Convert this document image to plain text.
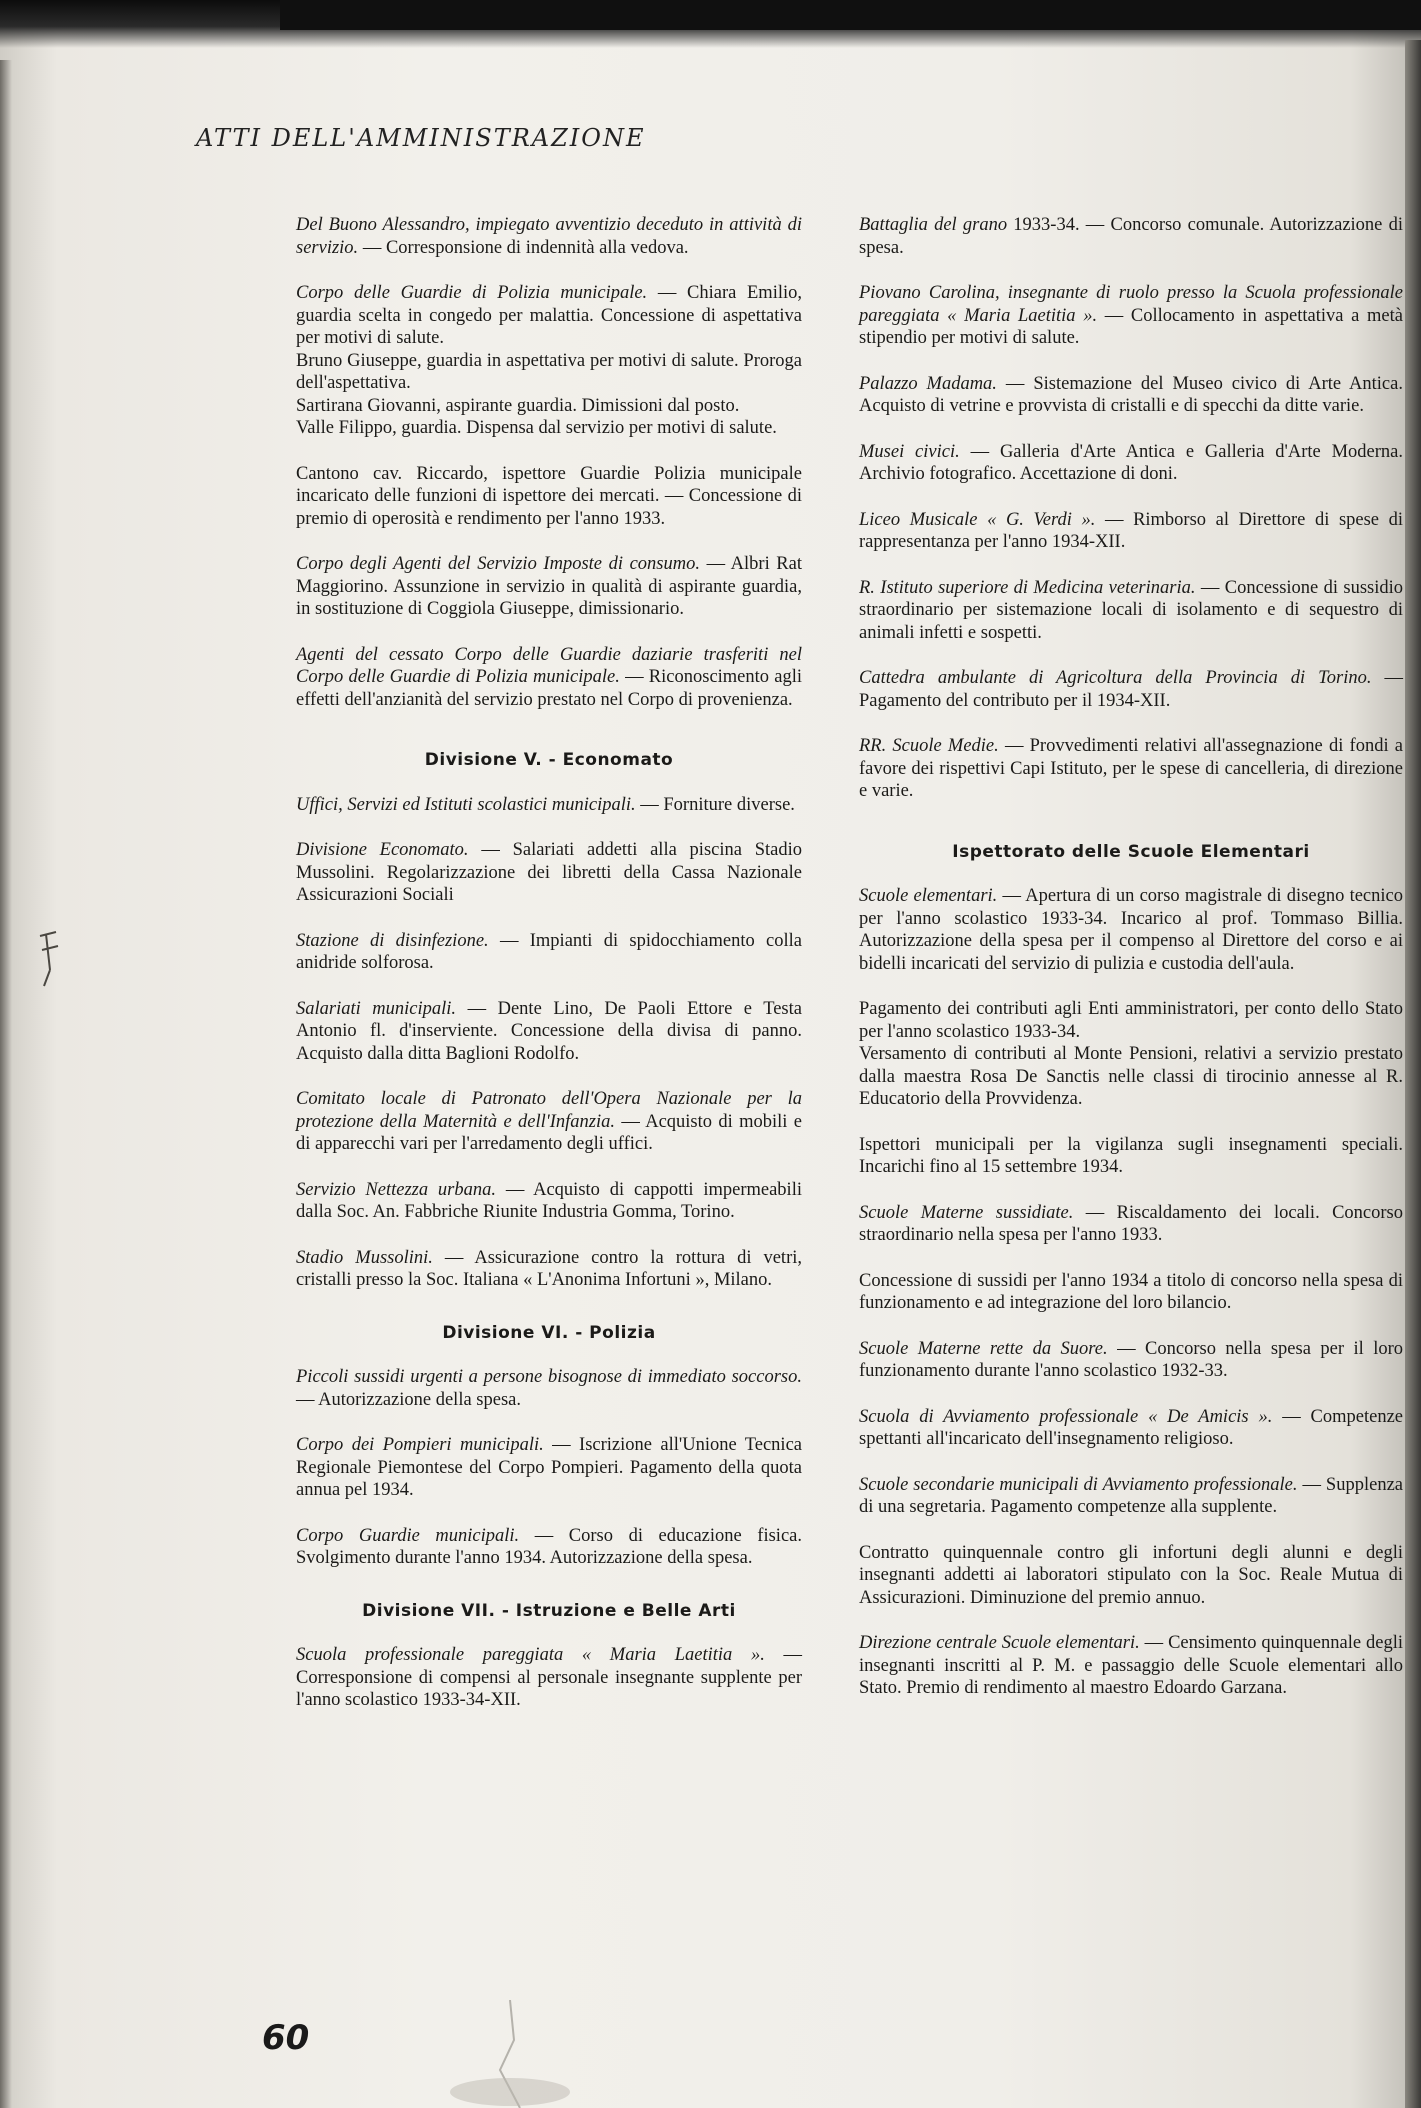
ATTI DELL'AMMINISTRAZIONE

Del Buono Alessandro, impiegato avventizio deceduto in attività di servizio. — Corresponsione di indennità alla vedova.

Corpo delle Guardie di Polizia municipale. — Chiara Emilio, guardia scelta in congedo per malattia. Concessione di aspettativa per motivi di salute.

Bruno Giuseppe, guardia in aspettativa per motivi di salute. Proroga dell'aspettativa.

Sartirana Giovanni, aspirante guardia. Dimissioni dal posto.

Valle Filippo, guardia. Dispensa dal servizio per motivi di salute.

Cantono cav. Riccardo, ispettore Guardie Polizia municipale incaricato delle funzioni di ispettore dei mercati. — Concessione di premio di operosità e rendimento per l'anno 1933.

Corpo degli Agenti del Servizio Imposte di consumo. — Albri Rat Maggiorino. Assunzione in servizio in qualità di aspirante guardia, in sostituzione di Coggiola Giuseppe, dimissionario.

Agenti del cessato Corpo delle Guardie daziarie trasferiti nel Corpo delle Guardie di Polizia municipale. — Riconoscimento agli effetti dell'anzianità del servizio prestato nel Corpo di provenienza.

Divisione V. - Economato

Uffici, Servizi ed Istituti scolastici municipali. — Forniture diverse.

Divisione Economato. — Salariati addetti alla piscina Stadio Mussolini. Regolarizzazione dei libretti della Cassa Nazionale Assicurazioni Sociali

Stazione di disinfezione. — Impianti di spidocchiamento colla anidride solforosa.

Salariati municipali. — Dente Lino, De Paoli Ettore e Testa Antonio fl. d'inserviente. Concessione della divisa di panno. Acquisto dalla ditta Baglioni Rodolfo.

Comitato locale di Patronato dell'Opera Nazionale per la protezione della Maternità e dell'Infanzia. — Acquisto di mobili e di apparecchi vari per l'arredamento degli uffici.

Servizio Nettezza urbana. — Acquisto di cappotti impermeabili dalla Soc. An. Fabbriche Riunite Industria Gomma, Torino.

Stadio Mussolini. — Assicurazione contro la rottura di vetri, cristalli presso la Soc. Italiana « L'Anonima Infortuni », Milano.

Divisione VI. - Polizia

Piccoli sussidi urgenti a persone bisognose di immediato soccorso. — Autorizzazione della spesa.

Corpo dei Pompieri municipali. — Iscrizione all'Unione Tecnica Regionale Piemontese del Corpo Pompieri. Pagamento della quota annua pel 1934.

Corpo Guardie municipali. — Corso di educazione fisica. Svolgimento durante l'anno 1934. Autorizzazione della spesa.

Divisione VII. - Istruzione e Belle Arti

Scuola professionale pareggiata « Maria Laetitia ». — Corresponsione di compensi al personale insegnante supplente per l'anno scolastico 1933-34-XII.

Battaglia del grano 1933-34. — Concorso comunale. Autorizzazione di spesa.

Piovano Carolina, insegnante di ruolo presso la Scuola professionale pareggiata « Maria Laetitia ». — Collocamento in aspettativa a metà stipendio per motivi di salute.

Palazzo Madama. — Sistemazione del Museo civico di Arte Antica. Acquisto di vetrine e provvista di cristalli e di specchi da ditte varie.

Musei civici. — Galleria d'Arte Antica e Galleria d'Arte Moderna. Archivio fotografico. Accettazione di doni.

Liceo Musicale « G. Verdi ». — Rimborso al Direttore di spese di rappresentanza per l'anno 1934-XII.

R. Istituto superiore di Medicina veterinaria. — Concessione di sussidio straordinario per sistemazione locali di isolamento e di sequestro di animali infetti e sospetti.

Cattedra ambulante di Agricoltura della Provincia di Torino. — Pagamento del contributo per il 1934-XII.

RR. Scuole Medie. — Provvedimenti relativi all'assegnazione di fondi a favore dei rispettivi Capi Istituto, per le spese di cancelleria, di direzione e varie.

Ispettorato delle Scuole Elementari

Scuole elementari. — Apertura di un corso magistrale di disegno tecnico per l'anno scolastico 1933-34. Incarico al prof. Tommaso Billia. Autorizzazione della spesa per il compenso al Direttore del corso e ai bidelli incaricati del servizio di pulizia e custodia dell'aula.

Pagamento dei contributi agli Enti amministratori, per conto dello Stato per l'anno scolastico 1933-34.

Versamento di contributi al Monte Pensioni, relativi a servizio prestato dalla maestra Rosa De Sanctis nelle classi di tirocinio annesse al R. Educatorio della Provvidenza.

Ispettori municipali per la vigilanza sugli insegnamenti speciali. Incarichi fino al 15 settembre 1934.

Scuole Materne sussidiate. — Riscaldamento dei locali. Concorso straordinario nella spesa per l'anno 1933.

Concessione di sussidi per l'anno 1934 a titolo di concorso nella spesa di funzionamento e ad integrazione del loro bilancio.

Scuole Materne rette da Suore. — Concorso nella spesa per il loro funzionamento durante l'anno scolastico 1932-33.

Scuola di Avviamento professionale « De Amicis ». — Competenze spettanti all'incaricato dell'insegnamento religioso.

Scuole secondarie municipali di Avviamento professionale. — Supplenza di una segretaria. Pagamento competenze alla supplente.

Contratto quinquennale contro gli infortuni degli alunni e degli insegnanti addetti ai laboratori stipulato con la Soc. Reale Mutua di Assicurazioni. Diminuzione del premio annuo.

Direzione centrale Scuole elementari. — Censimento quinquennale degli insegnanti inscritti al P. M. e passaggio delle Scuole elementari allo Stato. Premio di rendimento al maestro Edoardo Garzana.

60
